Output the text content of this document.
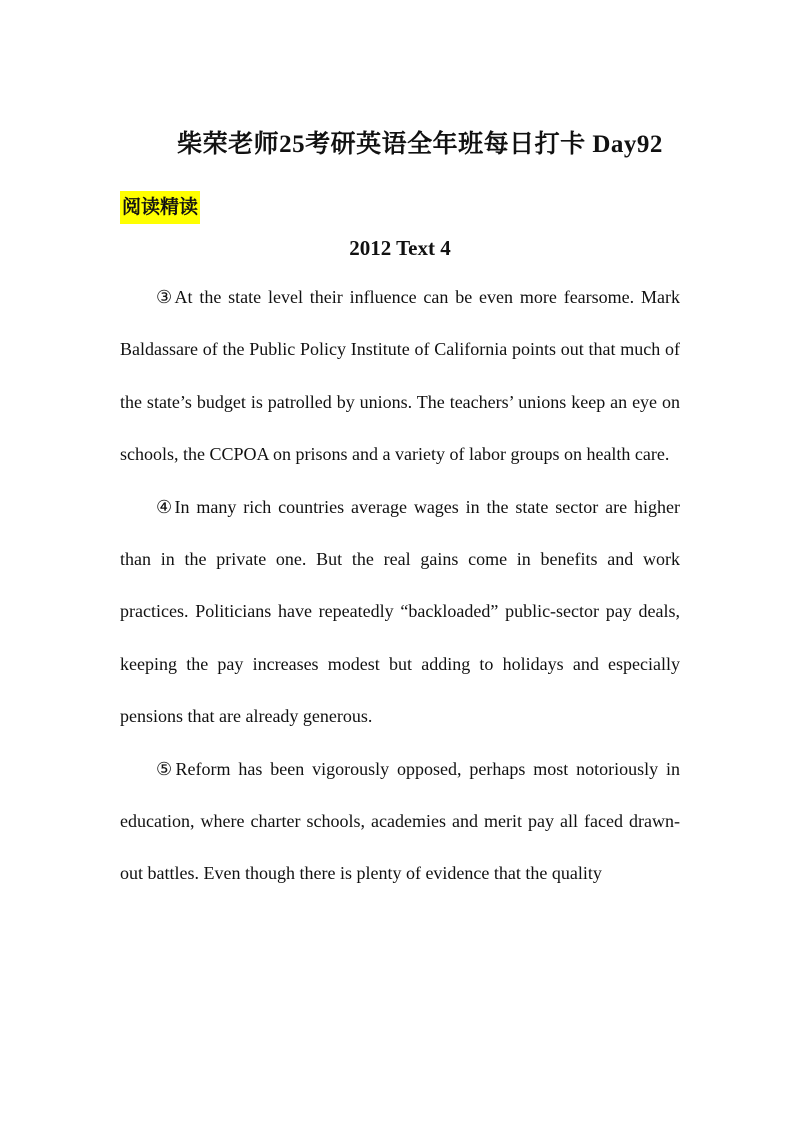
柴荣老师25考研英语全年班每日打卡 Day92
阅读精读
2012 Text 4

③At the state level their influence can be even more fearsome. Mark Baldassare of the Public Policy Institute of California points out that much of the state’s budget is patrolled by unions. The teachers’ unions keep an eye on schools, the CCPOA on prisons and a variety of labor groups on health care.

④In many rich countries average wages in the state sector are higher than in the private one. But the real gains come in benefits and work practices. Politicians have repeatedly “backloaded” public-sector pay deals, keeping the pay increases modest but adding to holidays and especially pensions that are already generous.

⑤Reform has been vigorously opposed, perhaps most notoriously in education, where charter schools, academies and merit pay all faced drawn-out battles. Even though there is plenty of evidence that the quality
